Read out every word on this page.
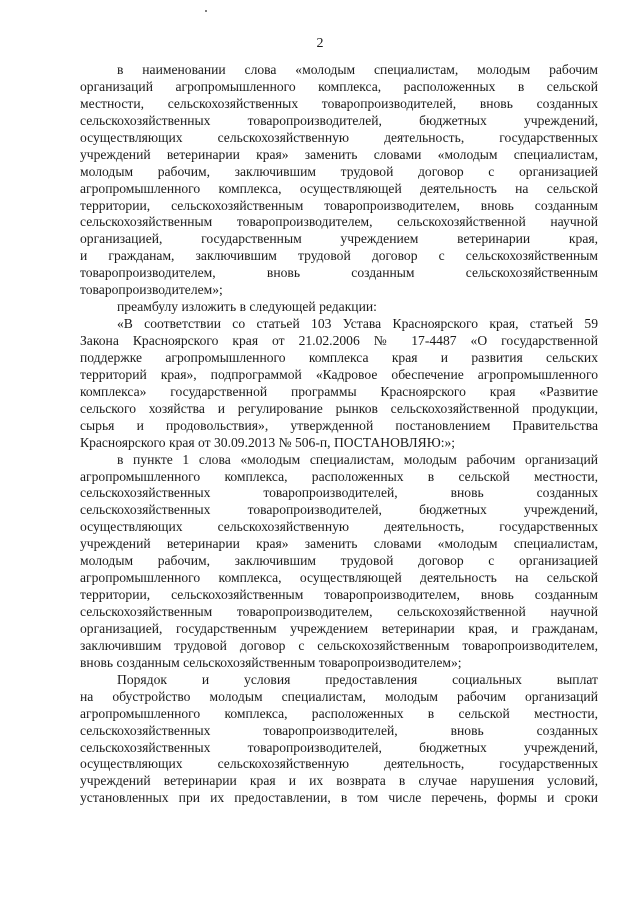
2
в наименовании слова «молодым специалистам, молодым рабочим
организаций агропромышленного комплекса, расположенных в сельской
местности, сельскохозяйственных товаропроизводителей, вновь созданных
сельскохозяйственных товаропроизводителей, бюджетных учреждений,
осуществляющих сельскохозяйственную деятельность, государственных
учреждений ветеринарии края» заменить словами «молодым специалистам,
молодым рабочим, заключившим трудовой договор с организацией
агропромышленного комплекса, осуществляющей деятельность на сельской
территории, сельскохозяйственным товаропроизводителем, вновь созданным
сельскохозяйственным товаропроизводителем, сельскохозяйственной научной
организацией, государственным учреждением ветеринарии края,
и гражданам, заключившим трудовой договор с сельскохозяйственным
товаропроизводителем, вновь созданным сельскохозяйственным
товаропроизводителем»;
преамбулу изложить в следующей редакции:
«В соответствии со статьей 103 Устава Красноярского края, статьей 59
Закона Красноярского края от 21.02.2006 № 17-4487 «О государственной
поддержке агропромышленного комплекса края и развития сельских
территорий края», подпрограммой «Кадровое обеспечение агропромышленного
комплекса» государственной программы Красноярского края «Развитие
сельского хозяйства и регулирование рынков сельскохозяйственной продукции,
сырья и продовольствия», утвержденной постановлением Правительства
Красноярского края от 30.09.2013 № 506-п, ПОСТАНОВЛЯЮ:»;
в пункте 1 слова «молодым специалистам, молодым рабочим организаций
агропромышленного комплекса, расположенных в сельской местности,
сельскохозяйственных товаропроизводителей, вновь созданных
сельскохозяйственных товаропроизводителей, бюджетных учреждений,
осуществляющих сельскохозяйственную деятельность, государственных
учреждений ветеринарии края» заменить словами «молодым специалистам,
молодым рабочим, заключившим трудовой договор с организацией
агропромышленного комплекса, осуществляющей деятельность на сельской
территории, сельскохозяйственным товаропроизводителем, вновь созданным
сельскохозяйственным товаропроизводителем, сельскохозяйственной научной
организацией, государственным учреждением ветеринарии края, и гражданам,
заключившим трудовой договор с сельскохозяйственным товаропроизводителем,
вновь созданным сельскохозяйственным товаропроизводителем»;
Порядок и условия предоставления социальных выплат
на обустройство молодым специалистам, молодым рабочим организаций
агропромышленного комплекса, расположенных в сельской местности,
сельскохозяйственных товаропроизводителей, вновь созданных
сельскохозяйственных товаропроизводителей, бюджетных учреждений,
осуществляющих сельскохозяйственную деятельность, государственных
учреждений ветеринарии края и их возврата в случае нарушения условий,
установленных при их предоставлении, в том числе перечень, формы и сроки
